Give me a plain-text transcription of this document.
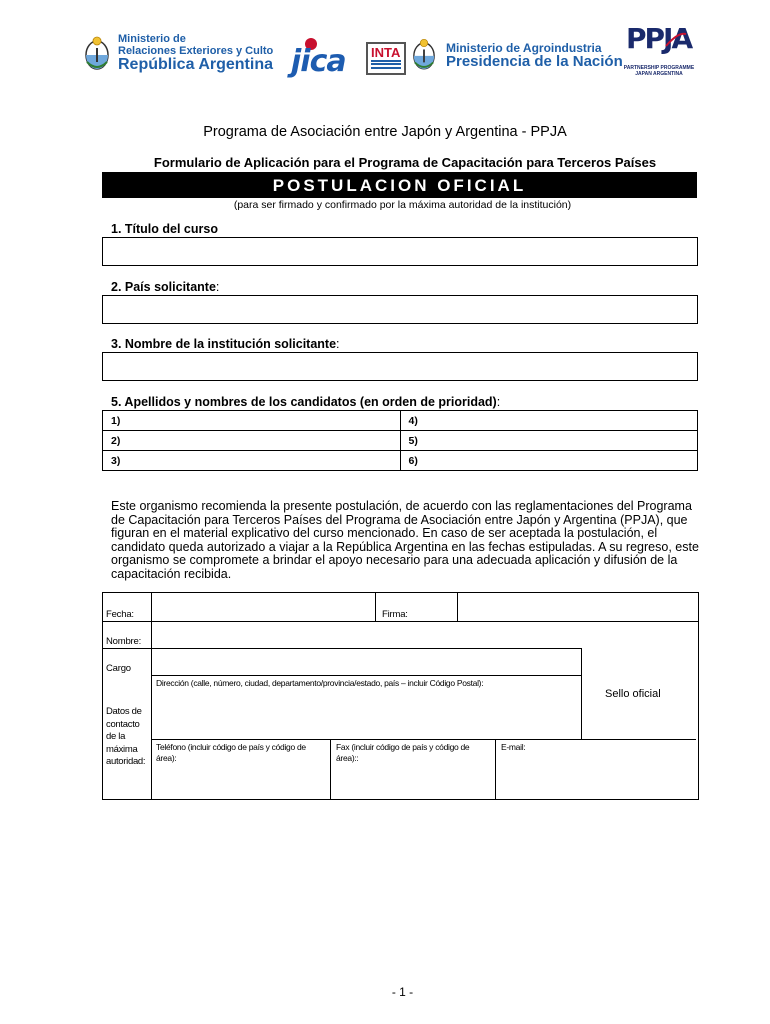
Ministerio de
Relaciones Exteriores y Culto
República Argentina jica INTA	Ministerio de Agroindustria
Presidencia de la Nación
PPJA
PARTNERSHIP PROGRAMME
JAPAN ARGENTINA
Programa de Asociación entre Japón y Argentina - PPJA
Formulario de Aplicación para el Programa de Capacitación para Terceros Países
POSTULACION OFICIAL
(para ser firmado y confirmado por la máxima autoridad de la institución)
1. Título del curso
2. País solicitante:
3. Nombre de la institución solicitante:
5. Apellidos y nombres de los candidatos (en orden de prioridad):
1)	4)
2)	5)
3)	6)
Este organismo recomienda la presente postulación, de acuerdo con las reglamentaciones del Programa de Capacitación para Terceros Países del Programa de Asociación entre Japón y Argentina (PPJA), que figuran en el material explicativo del curso mencionado. En caso de ser aceptada la postulación, el candidato queda autorizado a viajar a la República Argentina en las fechas estipuladas. A su regreso, este organismo se compromete a brindar el apoyo necesario para una adecuada aplicación y difusión de la capacitación recibida.
Fecha:	Firma:
Nombre:
Cargo
Sello oficial
Datos de contacto de la máxima autoridad:
Dirección (calle, número, ciudad, departamento/provincia/estado, país – incluir Código Postal):
Teléfono (incluir código de país y código de área):
Fax (incluir código de país y código de área)::
E-mail:
- 1 -
